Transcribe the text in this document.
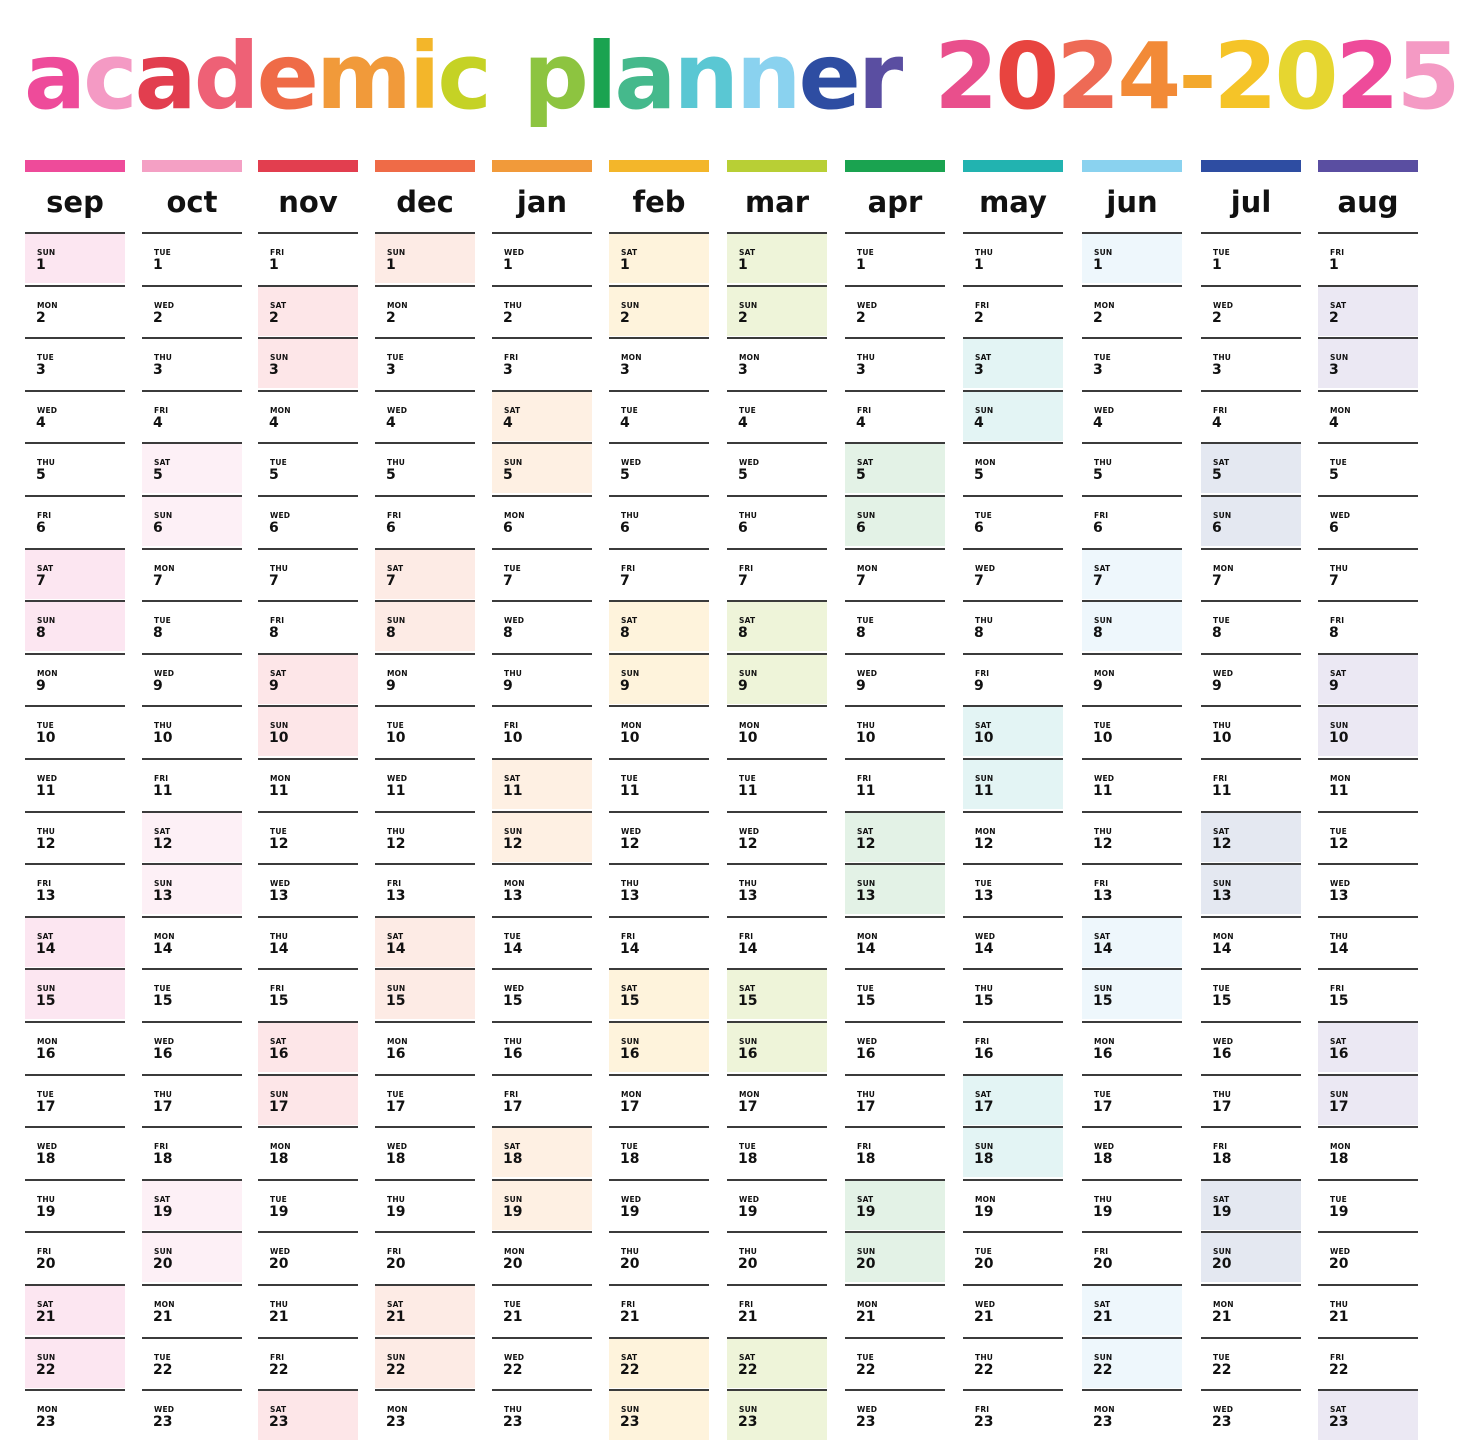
academic planner 2024-2025
sep
SUN
1
MON
2
TUE
3
WED
4
THU
5
FRI
6
SAT
7
SUN
8
MON
9
TUE
10
WED
11
THU
12
FRI
13
SAT
14
SUN
15
MON
16
TUE
17
WED
18
THU
19
FRI
20
SAT
21
SUN
22
MON
23
oct
TUE
1
WED
2
THU
3
FRI
4
SAT
5
SUN
6
MON
7
TUE
8
WED
9
THU
10
FRI
11
SAT
12
SUN
13
MON
14
TUE
15
WED
16
THU
17
FRI
18
SAT
19
SUN
20
MON
21
TUE
22
WED
23
nov
FRI
1
SAT
2
SUN
3
MON
4
TUE
5
WED
6
THU
7
FRI
8
SAT
9
SUN
10
MON
11
TUE
12
WED
13
THU
14
FRI
15
SAT
16
SUN
17
MON
18
TUE
19
WED
20
THU
21
FRI
22
SAT
23
dec
SUN
1
MON
2
TUE
3
WED
4
THU
5
FRI
6
SAT
7
SUN
8
MON
9
TUE
10
WED
11
THU
12
FRI
13
SAT
14
SUN
15
MON
16
TUE
17
WED
18
THU
19
FRI
20
SAT
21
SUN
22
MON
23
jan
WED
1
THU
2
FRI
3
SAT
4
SUN
5
MON
6
TUE
7
WED
8
THU
9
FRI
10
SAT
11
SUN
12
MON
13
TUE
14
WED
15
THU
16
FRI
17
SAT
18
SUN
19
MON
20
TUE
21
WED
22
THU
23
feb
SAT
1
SUN
2
MON
3
TUE
4
WED
5
THU
6
FRI
7
SAT
8
SUN
9
MON
10
TUE
11
WED
12
THU
13
FRI
14
SAT
15
SUN
16
MON
17
TUE
18
WED
19
THU
20
FRI
21
SAT
22
SUN
23
mar
SAT
1
SUN
2
MON
3
TUE
4
WED
5
THU
6
FRI
7
SAT
8
SUN
9
MON
10
TUE
11
WED
12
THU
13
FRI
14
SAT
15
SUN
16
MON
17
TUE
18
WED
19
THU
20
FRI
21
SAT
22
SUN
23
apr
TUE
1
WED
2
THU
3
FRI
4
SAT
5
SUN
6
MON
7
TUE
8
WED
9
THU
10
FRI
11
SAT
12
SUN
13
MON
14
TUE
15
WED
16
THU
17
FRI
18
SAT
19
SUN
20
MON
21
TUE
22
WED
23
may
THU
1
FRI
2
SAT
3
SUN
4
MON
5
TUE
6
WED
7
THU
8
FRI
9
SAT
10
SUN
11
MON
12
TUE
13
WED
14
THU
15
FRI
16
SAT
17
SUN
18
MON
19
TUE
20
WED
21
THU
22
FRI
23
jun
SUN
1
MON
2
TUE
3
WED
4
THU
5
FRI
6
SAT
7
SUN
8
MON
9
TUE
10
WED
11
THU
12
FRI
13
SAT
14
SUN
15
MON
16
TUE
17
WED
18
THU
19
FRI
20
SAT
21
SUN
22
MON
23
jul
TUE
1
WED
2
THU
3
FRI
4
SAT
5
SUN
6
MON
7
TUE
8
WED
9
THU
10
FRI
11
SAT
12
SUN
13
MON
14
TUE
15
WED
16
THU
17
FRI
18
SAT
19
SUN
20
MON
21
TUE
22
WED
23
aug
FRI
1
SAT
2
SUN
3
MON
4
TUE
5
WED
6
THU
7
FRI
8
SAT
9
SUN
10
MON
11
TUE
12
WED
13
THU
14
FRI
15
SAT
16
SUN
17
MON
18
TUE
19
WED
20
THU
21
FRI
22
SAT
23
